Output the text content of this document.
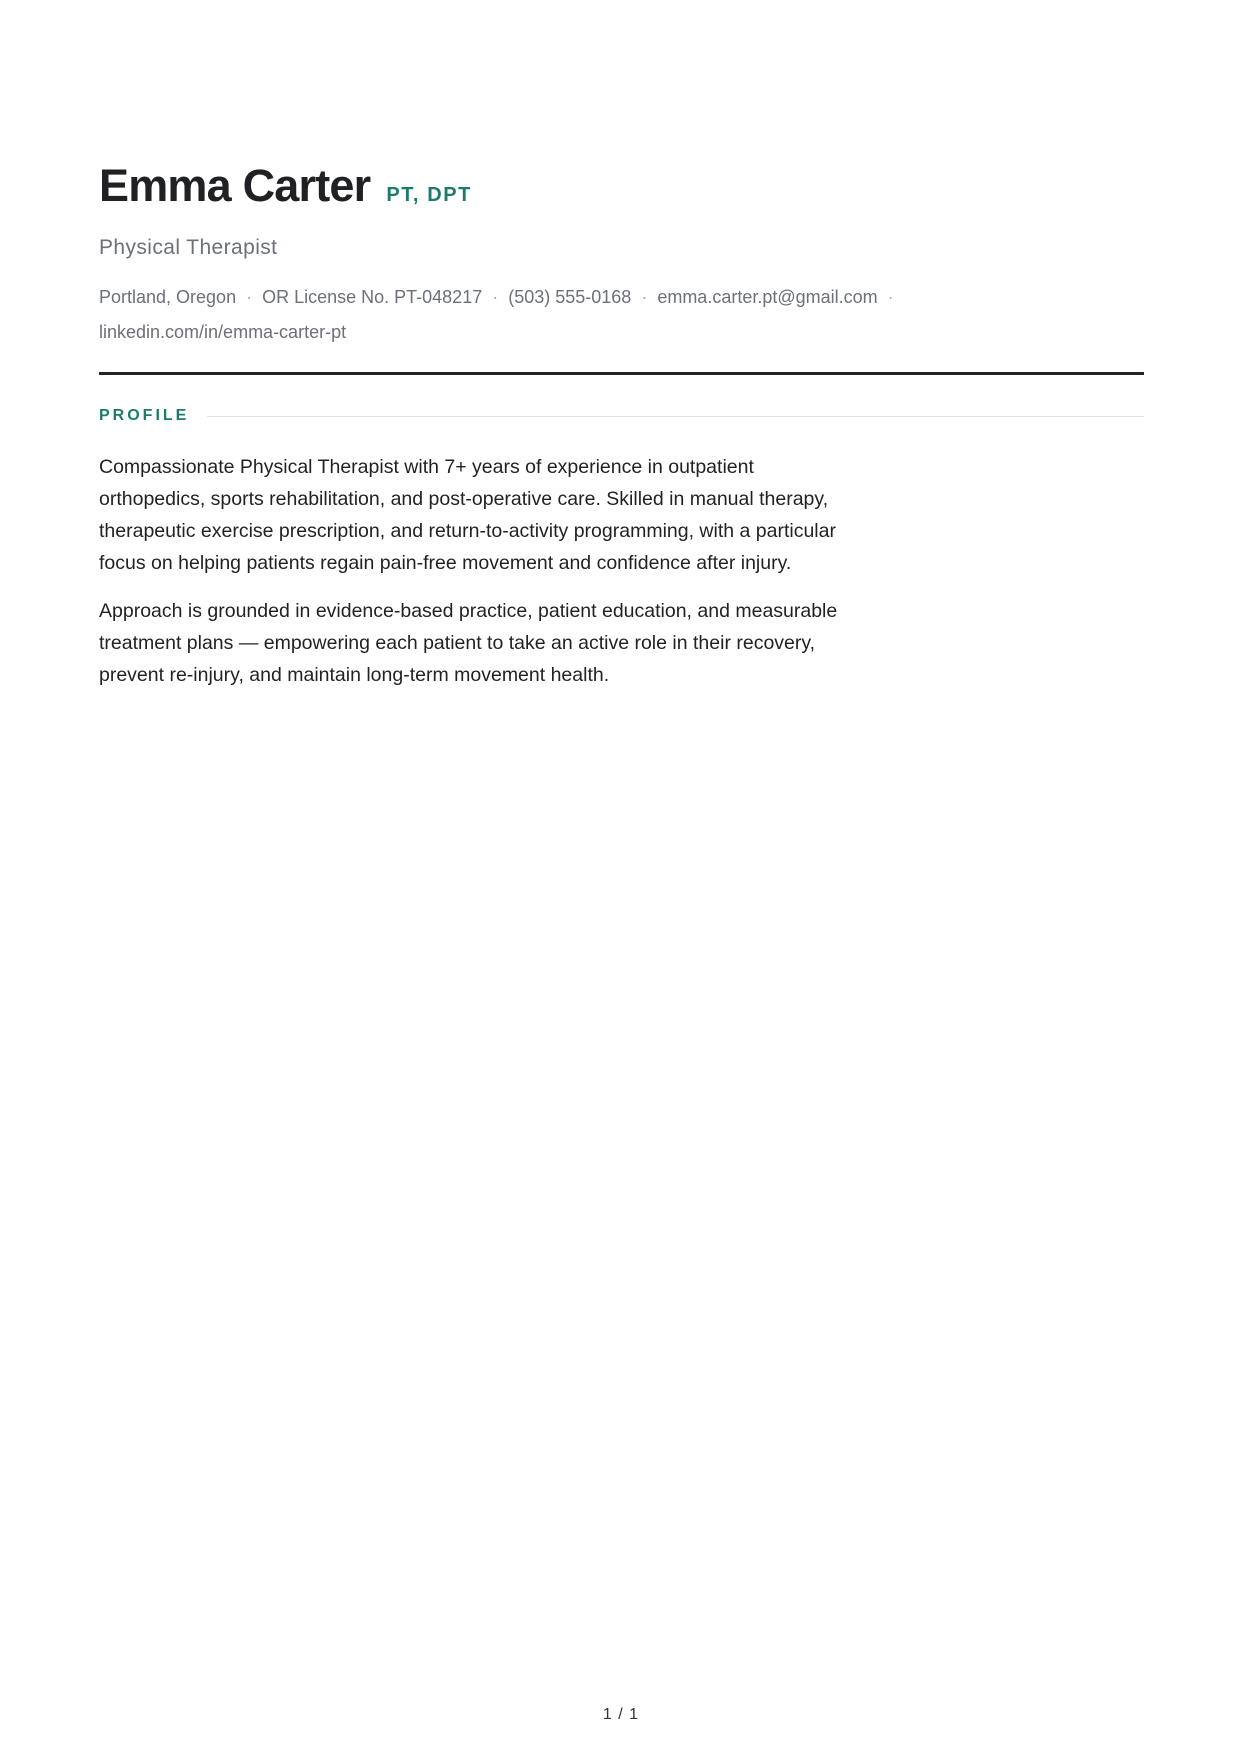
Emma Carter PT, DPT
Physical Therapist
Portland, Oregon · OR License No. PT-048217 · (503) 555-0168 · emma.carter.pt@gmail.com ·
linkedin.com/in/emma-carter-pt
PROFILE

Compassionate Physical Therapist with 7+ years of experience in outpatient orthopedics, sports rehabilitation, and post-operative care. Skilled in manual therapy, therapeutic exercise prescription, and return-to-activity programming, with a particular focus on helping patients regain pain-free movement and confidence after injury.

Approach is grounded in evidence-based practice, patient education, and measurable treatment plans — empowering each patient to take an active role in their recovery, prevent re-injury, and maintain long-term movement health.

1 / 1
